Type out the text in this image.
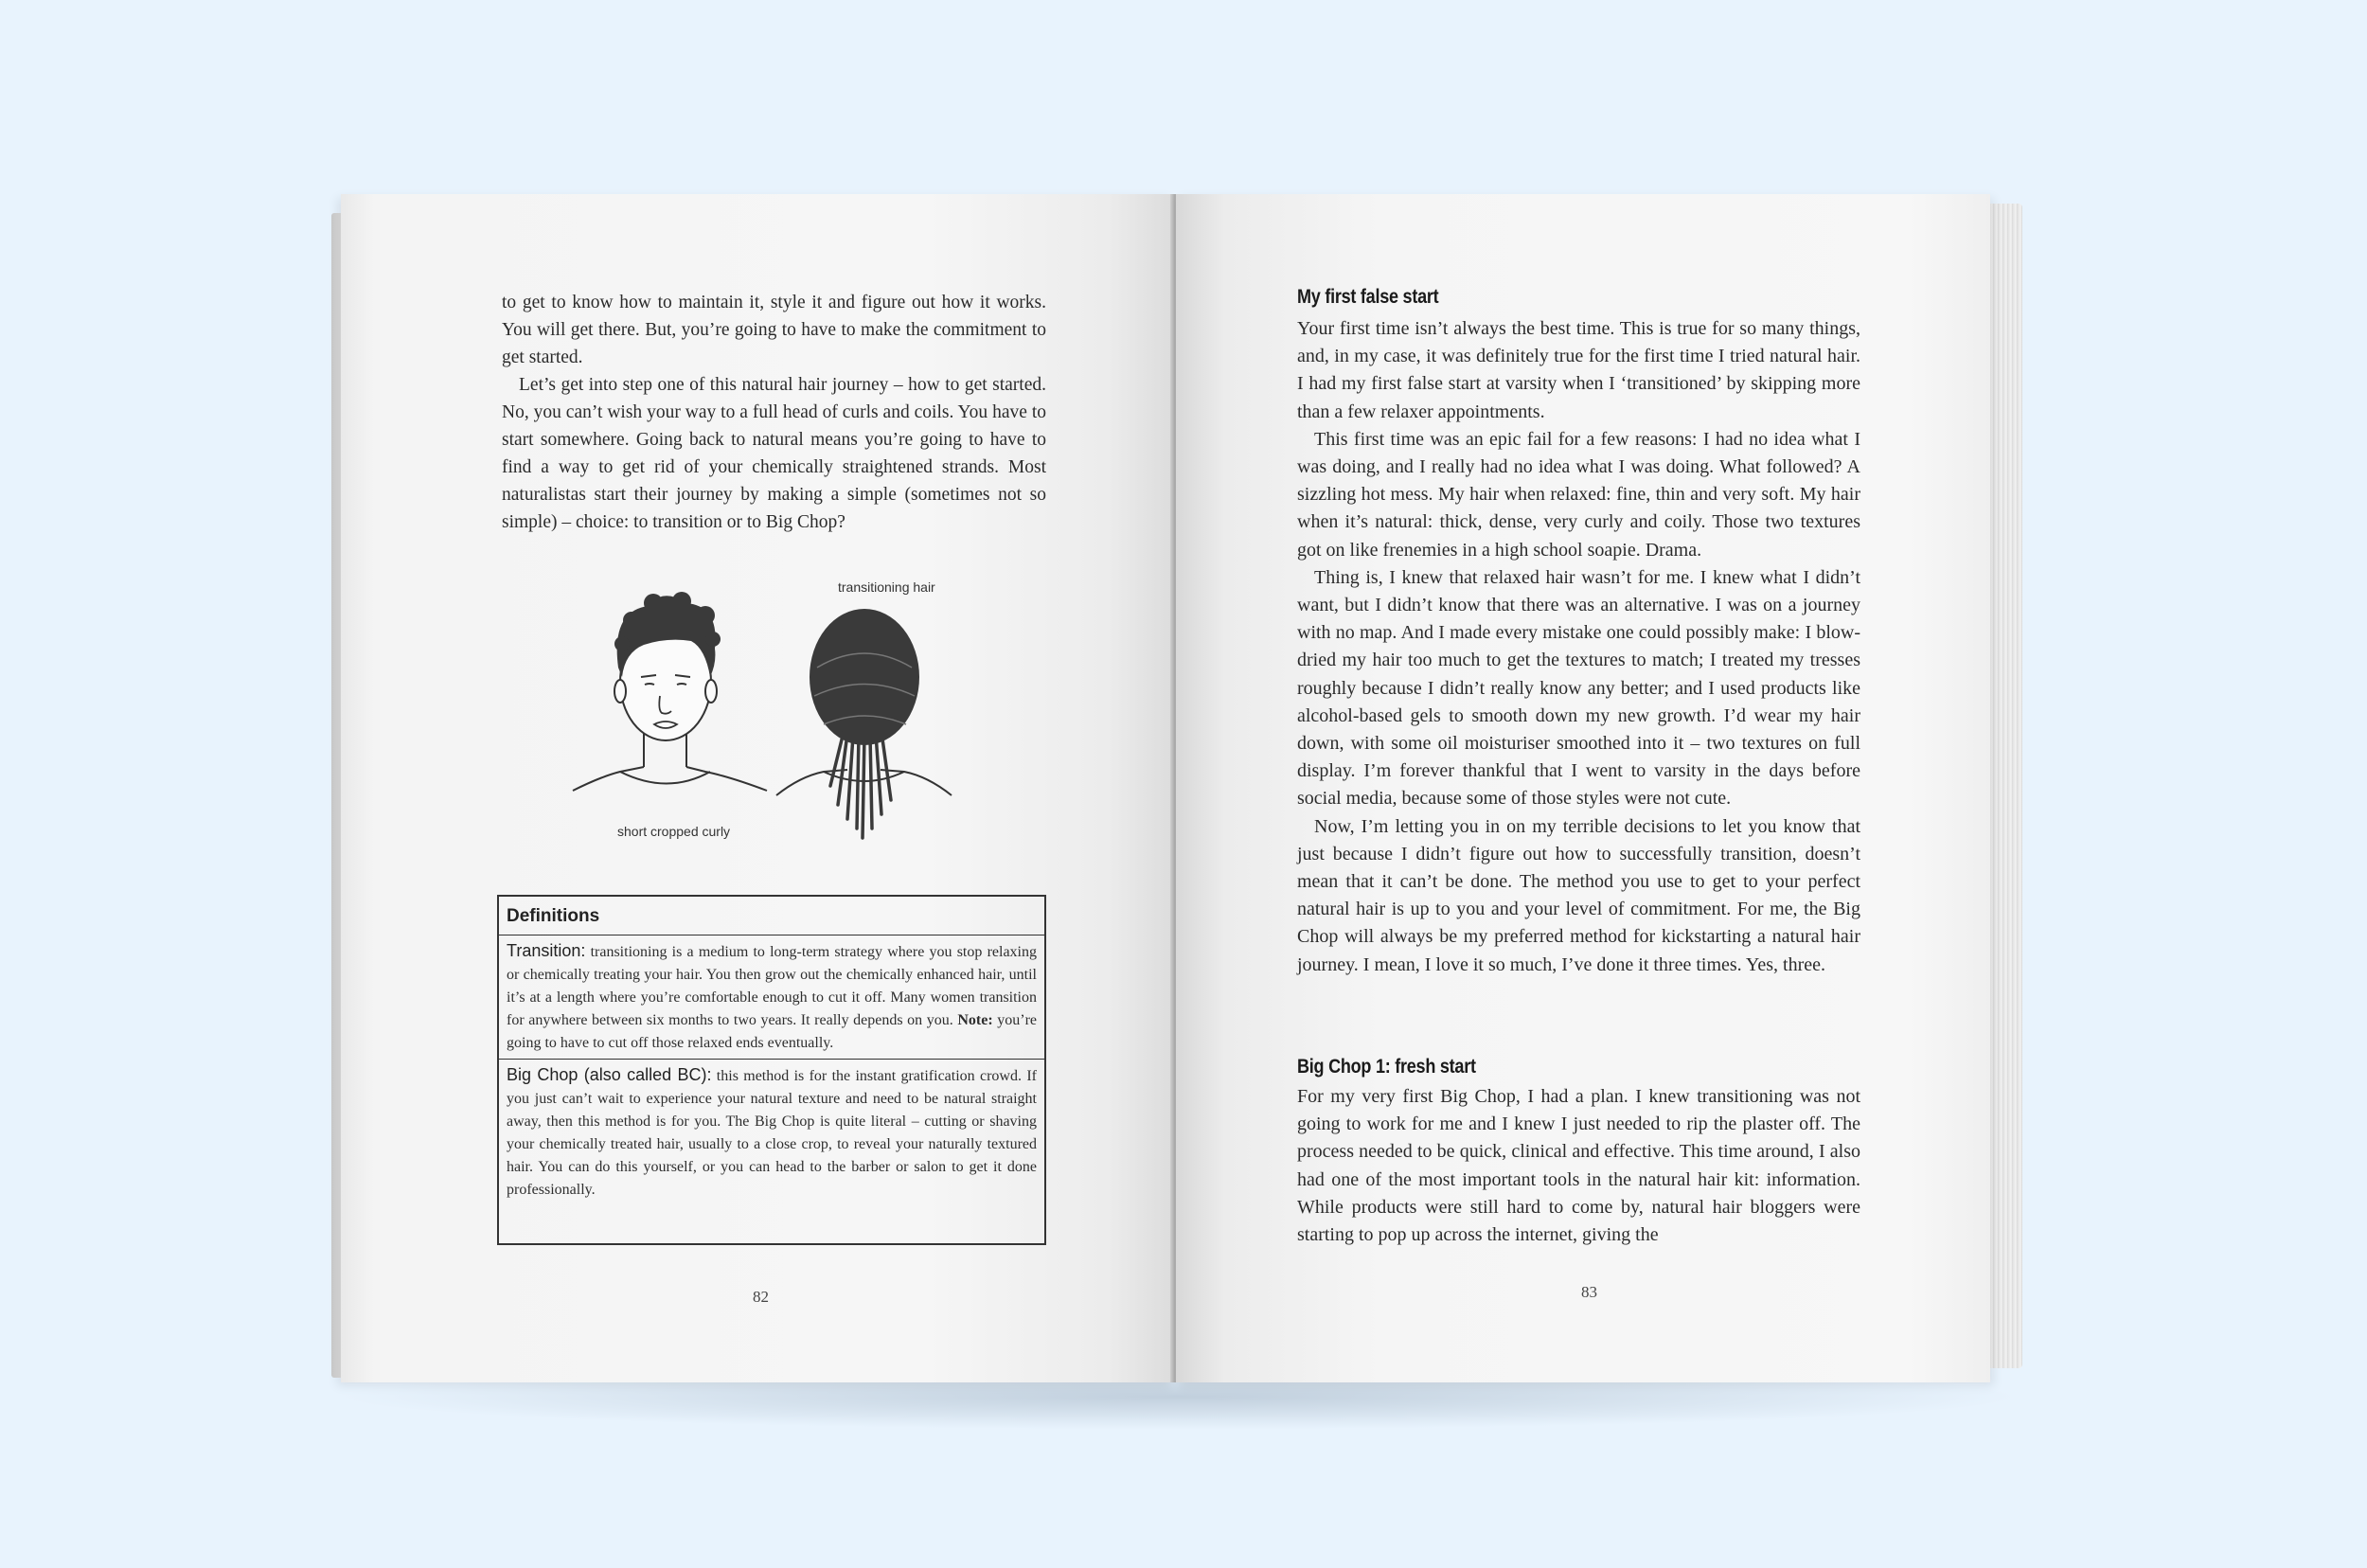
to get to know how to maintain it, style it and figure out how it works. You will get there. But, you’re going to have to make the commitment to get started.

Let’s get into step one of this natural hair journey – how to get started. No, you can’t wish your way to a full head of curls and coils. You have to start somewhere. Going back to natural means you’re going to have to find a way to get rid of your chemically straightened strands. Most naturalistas start their journey by making a simple (sometimes not so simple) – choice: to transition or to Big Chop?

transitioning hair
short cropped curly
Definitions
Transition: transitioning is a medium to long-term strategy where you stop relaxing or chemically treating your hair. You then grow out the chemically enhanced hair, until it’s at a length where you’re comfortable enough to cut it off. Many women transition for anywhere between six months to two years. It really depends on you. Note: you’re going to have to cut off those relaxed ends eventually.
Big Chop (also called BC): this method is for the instant gratification crowd. If you just can’t wait to experience your natural texture and need to be natural straight away, then this method is for you. The Big Chop is quite literal – cutting or shaving your chemically treated hair, usually to a close crop, to reveal your naturally textured hair. You can do this yourself, or you can head to the barber or salon to get it done professionally.
82
My first false start

Your first time isn’t always the best time. This is true for so many things, and, in my case, it was definitely true for the first time I tried natural hair. I had my first false start at varsity when I ‘transitioned’ by skipping more than a few relaxer appointments.

This first time was an epic fail for a few reasons: I had no idea what I was doing, and I really had no idea what I was doing. What followed? A sizzling hot mess. My hair when relaxed: fine, thin and very soft. My hair when it’s natural: thick, dense, very curly and coily. Those two textures got on like frenemies in a high school soapie. Drama.

Thing is, I knew that relaxed hair wasn’t for me. I knew what I didn’t want, but I didn’t know that there was an alternative. I was on a journey with no map. And I made every mistake one could possibly make: I blow-dried my hair too much to get the textures to match; I treated my tresses roughly because I didn’t really know any better; and I used products like alcohol-based gels to smooth down my new growth. I’d wear my hair down, with some oil moisturiser smoothed into it – two textures on full display. I’m forever thankful that I went to varsity in the days before social media, because some of those styles were not cute.

Now, I’m letting you in on my terrible decisions to let you know that just because I didn’t figure out how to successfully transition, doesn’t mean that it can’t be done. The method you use to get to your perfect natural hair is up to you and your level of commitment. For me, the Big Chop will always be my preferred method for kickstarting a natural hair journey. I mean, I love it so much, I’ve done it three times. Yes, three.

Big Chop 1: fresh start

For my very first Big Chop, I had a plan. I knew transitioning was not going to work for me and I knew I just needed to rip the plaster off. The process needed to be quick, clinical and effective. This time around, I also had one of the most important tools in the natural hair kit: information. While products were still hard to come by, natural hair bloggers were starting to pop up across the internet, giving the

83
